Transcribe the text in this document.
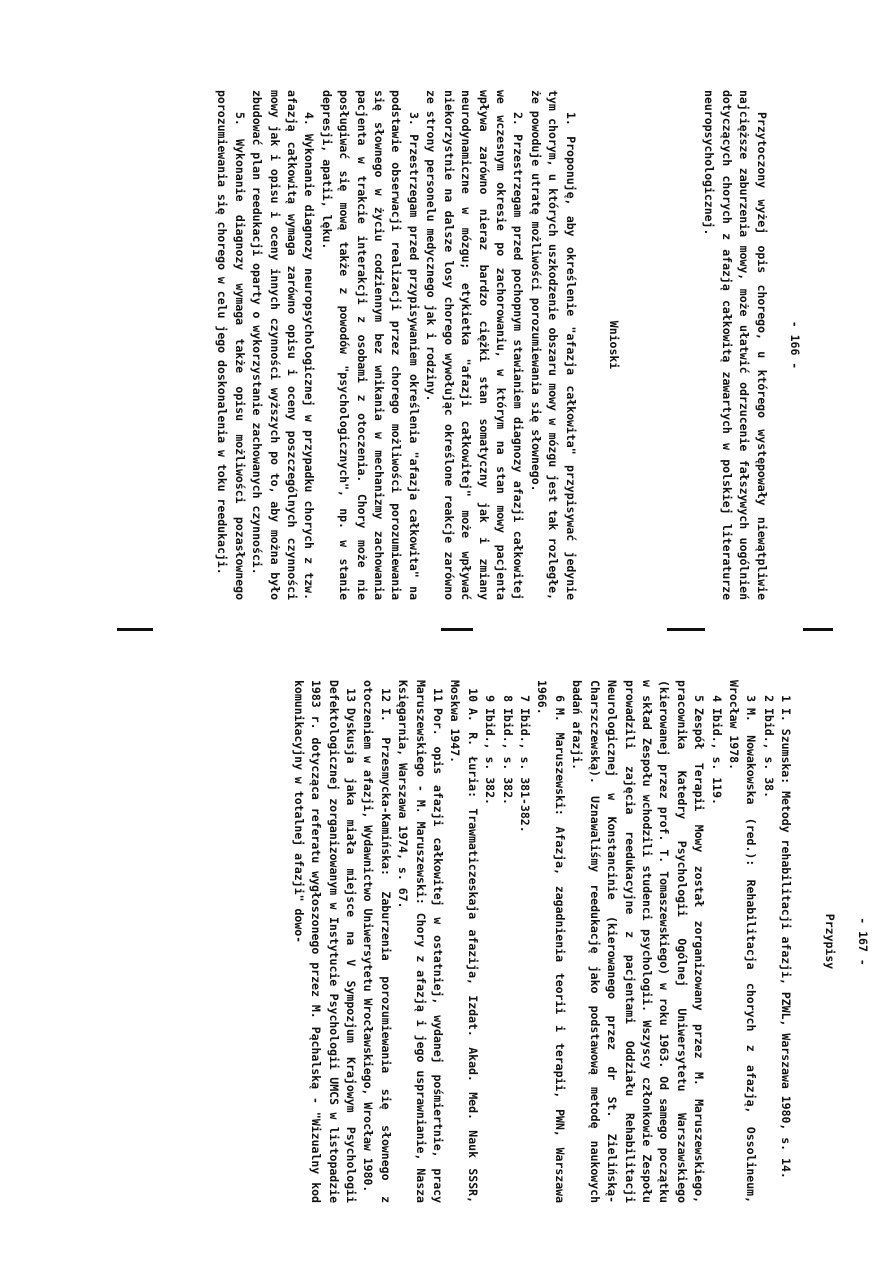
- 166 -

Przytoczony wyżej opis chorego, u którego występowały niewątpliwie najcięższe zaburzenia mowy, może ułatwić odrzucenie fałszywych uogólnień dotyczących chorych z afazją całkowitą zawartych w polskiej literaturze neuropsychologicznej.

Wnioski

1. Proponuję, aby określenie "afazja całkowita" przypisywać jedynie tym chorym, u których uszkodzenie obszaru mowy w mózgu jest tak rozległe, że powoduje utratę możliwości porozumiewania się słownego.

2. Przestrzegam przed pochopnym stawianiem diagnozy afazji całkowitej we wczesnym okresie po zachorowaniu, w którym na stan mowy pacjenta wpływa zarówno nieraz bardzo ciężki stan somatyczny jak i zmiany neurodynamiczne w mózgu; etykietka "afazji całkowitej" może wpływać niekorzystnie na dalsze losy chorego wywołując określone reakcje zarówno ze strony personelu medycznego jak i rodziny.

3. Przestrzegam przed przypisywaniem określenia "afazja całkowita" na podstawie obserwacji realizacji przez chorego możliwości porozumiewania się słownego w życiu codziennym bez wnikania w mechanizmy zachowania pacjenta w trakcie interakcji z osobami z otoczenia. Chory może nie posługiwać się mową także z powodów "psychologicznych", np. w stanie depresji, apatii, lęku.

4. Wykonanie diagnozy neuropsychologicznej w przypadku chorych z tzw. afazją całkowitą wymaga zarówno opisu i oceny poszczególnych czynności mowy jak i opisu i oceny innych czynności wyższych po to, aby można było zbudować plan reedukacji oparty o wykorzystanie zachowanych czynności.

5. Wykonanie diagnozy wymaga także opisu możliwości pozasłownego porozumiewania się chorego w celu jego doskonalenia w toku reedukacji.

- 167 -
Przypisy

1I. Szumska: Metody rehabilitacji afazji, PZWL, Warszawa 1980, s. 14.

2Ibid., s. 38.

3M. Nowakowska (red.): Rehabilitacja chorych z afazją, Ossolineum, Wrocław 1978.

4Ibid., s. 119.

5Zespół Terapii Mowy został zorganizowany przez M. Maruszewskiego, pracownika Katedry Psychologii Ogólnej Uniwersytetu Warszawskiego (kierowanej przez prof. T. Tomaszewskiego) w roku 1963. Od samego początku w skład Zespołu wchodzili studenci psychologii. Wszyscy członkowie Zespołu prowadzili zajęcia reedukacyjne z pacjentami Oddziału Rehabilitacji Neurologicznej w Konstancinie (kierowanego przez dr St. Zielińską-Charszczewską). Uznawaliśmy reedukację jako podstawową metodę naukowych badań afazji.

6M. Maruszewski: Afazja, zagadnienia teorii i terapii, PWN, Warszawa 1966.

7Ibid., s. 381-382.

8Ibid., s. 382.

9Ibid., s. 382.

10A. R. Łuria: Trawmaticzeskaja afazija, Izdat. Akad. Med. Nauk SSSR, Moskwa 1947.

11Por. opis afazji całkowitej w ostatniej, wydanej pośmiertnie, pracy Maruszewskiego - M. Maruszewski: Chory z afazją i jego usprawnianie, Nasza Księgarnia, Warszawa 1974, s. 67.

12I. Przesmycka-Kamińska: Zaburzenia porozumiewania się słownego z otoczeniem w afazji, Wydawnictwo Uniwersytetu Wrocławskiego, Wrocław 1980.

13Dyskusja jaka miała miejsce na V Sympozjum Krajowym Psychologii Defektologicznej zorganizowanym w Instytucie Psychologii UMCS w listopadzie 1983 r. dotycząca referatu wygłoszonego przez M. Pąchalską - "Wizualny kod komunikacyjny w totalnej afazji" dowo-
